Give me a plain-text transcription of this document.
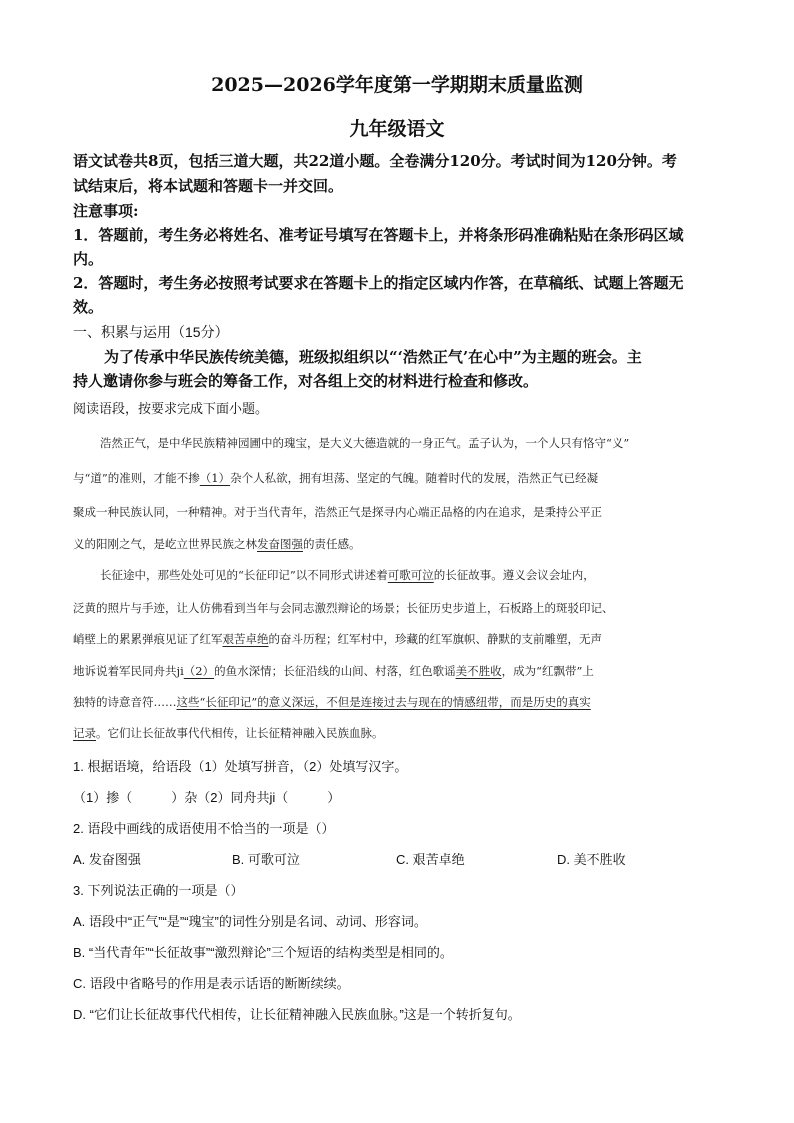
2025—2026学年度第一学期期末质量监测
九年级语文
语文试卷共8页，包括三道大题，共22道小题。全卷满分120分。考试时间为120分钟。考
试结束后，将本试题和答题卡一并交回。
注意事项:
1．答题前，考生务必将姓名、准考证号填写在答题卡上，并将条形码准确粘贴在条形码区域
内。
2．答题时，考生务必按照考试要求在答题卡上的指定区域内作答，在草稿纸、试题上答题无
效。
一、积累与运用（15分）
为了传承中华民族传统美德，班级拟组织以“‘浩然正气’在心中”为主题的班会。主
持人邀请你参与班会的筹备工作，对各组上交的材料进行检查和修改。
阅读语段，按要求完成下面小题。
浩然正气，是中华民族精神园圃中的瑰宝，是大义大德造就的一身正气。孟子认为，一个人只有恪守“义”
与“道”的准则，才能不掺（1）杂个人私欲，拥有坦荡、坚定的气魄。随着时代的发展，浩然正气已经凝
聚成一种民族认同，一种精神。对于当代青年，浩然正气是探寻内心端正品格的内在追求，是秉持公平正
义的阳刚之气，是屹立世界民族之林发奋图强的责任感。
长征途中，那些处处可见的“长征印记”以不同形式讲述着可歌可泣的长征故事。遵义会议会址内，
泛黄的照片与手迹，让人仿佛看到当年与会同志激烈辩论的场景；长征历史步道上，石板路上的斑驳印记、
峭壁上的累累弹痕见证了红军艰苦卓绝的奋斗历程；红军村中，珍藏的红军旗帜、静默的支前雕塑，无声
地诉说着军民同舟共ji（2）的鱼水深情；长征沿线的山间、村落，红色歌谣美不胜收，成为“红飘带”上
独特的诗意音符……这些“长征印记”的意义深远，不但是连接过去与现在的情感纽带，而是历史的真实
记录。它们让长征故事代代相传，让长征精神融入民族血脉。
1. 根据语境，给语段（1）处填写拼音，（2）处填写汉字。
（1）掺（　　　）杂（2）同舟共ji（　　　）
2. 语段中画线的成语使用不恰当的一项是（）
A. 发奋图强	B. 可歌可泣	C. 艰苦卓绝	D. 美不胜收
3. 下列说法正确的一项是（）
A. 语段中“正气”“是”“瑰宝”的词性分别是名词、动词、形容词。
B. “当代青年”“长征故事”“激烈辩论”三个短语的结构类型是相同的。
C. 语段中省略号的作用是表示话语的断断续续。
D. “它们让长征故事代代相传，让长征精神融入民族血脉。”这是一个转折复句。
